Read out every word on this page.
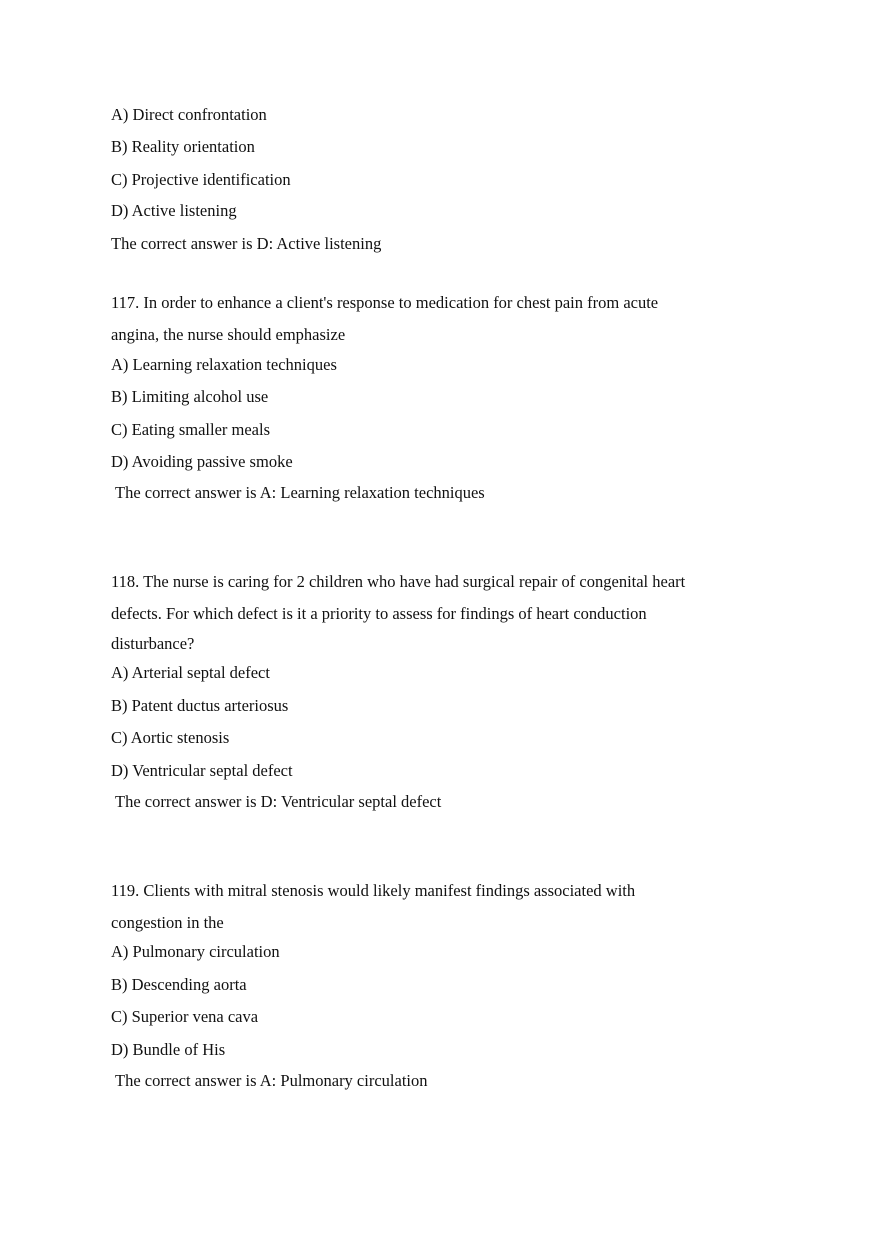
A) Direct confrontation
B) Reality orientation
C) Projective identification
D) Active listening
The correct answer is D: Active listening
117. In order to enhance a client's response to medication for chest pain from acute
angina, the nurse should emphasize
A) Learning relaxation techniques
B) Limiting alcohol use
C) Eating smaller meals
D) Avoiding passive smoke
The correct answer is A: Learning relaxation techniques
118. The nurse is caring for 2 children who have had surgical repair of congenital heart
defects. For which defect is it a priority to assess for findings of heart conduction
disturbance?
A) Arterial septal defect
B) Patent ductus arteriosus
C) Aortic stenosis
D) Ventricular septal defect
The correct answer is D: Ventricular septal defect
119. Clients with mitral stenosis would likely manifest findings associated with
congestion in the
A) Pulmonary circulation
B) Descending aorta
C) Superior vena cava
D) Bundle of His
The correct answer is A: Pulmonary circulation
